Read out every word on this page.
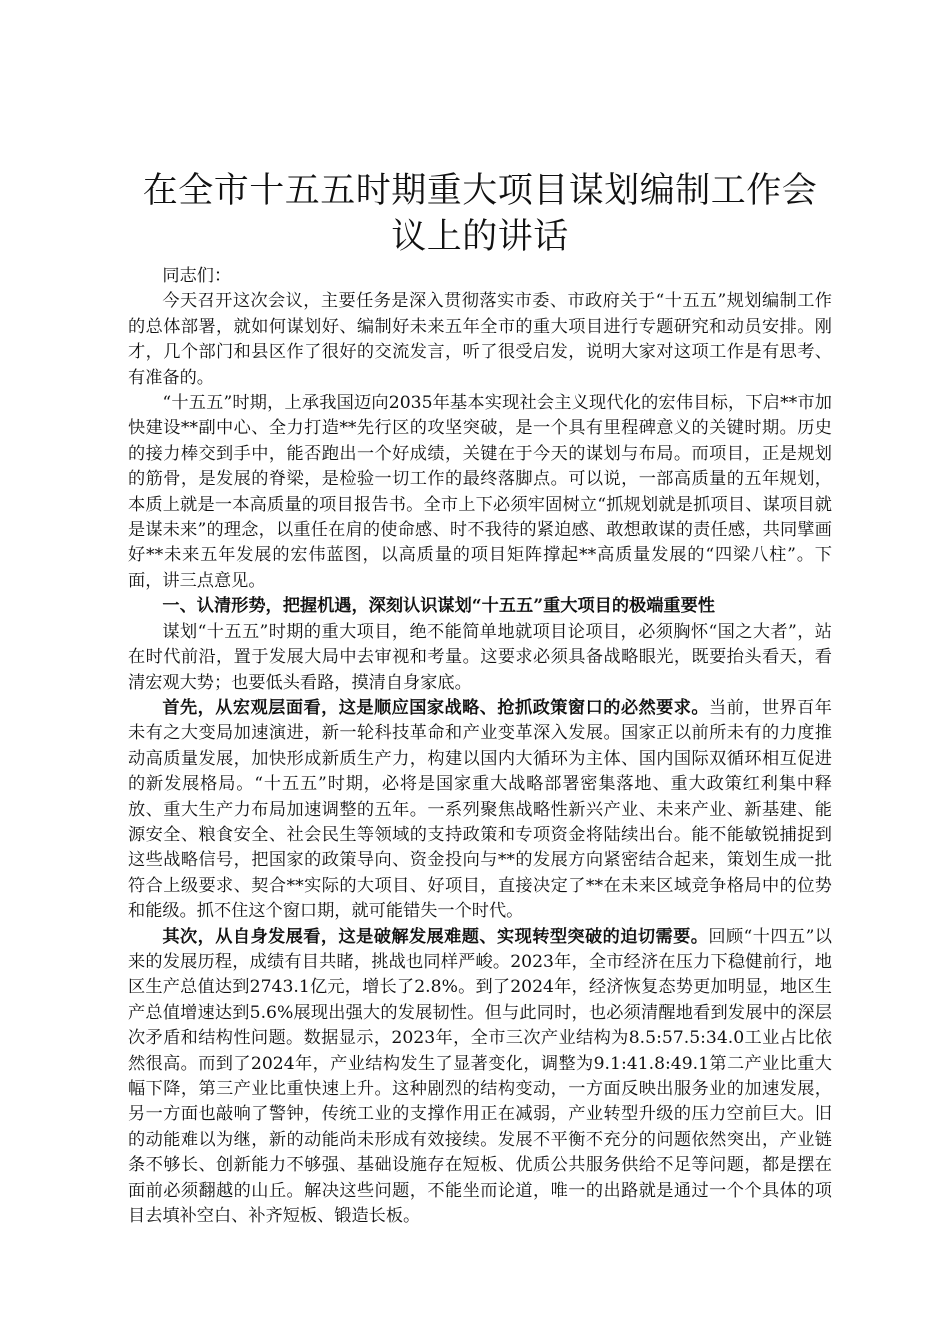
在全市十五五时期重大项目谋划编制工作会议上的讲话

同志们：

今天召开这次会议，主要任务是深入贯彻落实市委、市政府关于“十五五”规划编制工作的总体部署，就如何谋划好、编制好未来五年全市的重大项目进行专题研究和动员安排。刚才，几个部门和县区作了很好的交流发言，听了很受启发，说明大家对这项工作是有思考、有准备的。

“十五五”时期，上承我国迈向2035年基本实现社会主义现代化的宏伟目标，下启**市加快建设**副中心、全力打造**先行区的攻坚突破，是一个具有里程碑意义的关键时期。历史的接力棒交到手中，能否跑出一个好成绩，关键在于今天的谋划与布局。而项目，正是规划的筋骨，是发展的脊梁，是检验一切工作的最终落脚点。可以说，一部高质量的五年规划，本质上就是一本高质量的项目报告书。全市上下必须牢固树立“抓规划就是抓项目、谋项目就是谋未来”的理念，以重任在肩的使命感、时不我待的紧迫感、敢想敢谋的责任感，共同擘画好**未来五年发展的宏伟蓝图，以高质量的项目矩阵撑起**高质量发展的“四梁八柱”。下面，讲三点意见。

一、认清形势，把握机遇，深刻认识谋划“十五五”重大项目的极端重要性

谋划“十五五”时期的重大项目，绝不能简单地就项目论项目，必须胸怀“国之大者”，站在时代前沿，置于发展大局中去审视和考量。这要求必须具备战略眼光，既要抬头看天，看清宏观大势；也要低头看路，摸清自身家底。

首先，从宏观层面看，这是顺应国家战略、抢抓政策窗口的必然要求。当前，世界百年未有之大变局加速演进，新一轮科技革命和产业变革深入发展。国家正以前所未有的力度推动高质量发展，加快形成新质生产力，构建以国内大循环为主体、国内国际双循环相互促进的新发展格局。“十五五”时期，必将是国家重大战略部署密集落地、重大政策红利集中释放、重大生产力布局加速调整的五年。一系列聚焦战略性新兴产业、未来产业、新基建、能源安全、粮食安全、社会民生等领域的支持政策和专项资金将陆续出台。能不能敏锐捕捉到这些战略信号，把国家的政策导向、资金投向与**的发展方向紧密结合起来，策划生成一批符合上级要求、契合**实际的大项目、好项目，直接决定了**在未来区域竞争格局中的位势和能级。抓不住这个窗口期，就可能错失一个时代。

其次，从自身发展看，这是破解发展难题、实现转型突破的迫切需要。回顾“十四五”以来的发展历程，成绩有目共睹，挑战也同样严峻。2023年，全市经济在压力下稳健前行，地区生产总值达到2743.1亿元，增长了2.8%。到了2024年，经济恢复态势更加明显，地区生产总值增速达到5.6%展现出强大的发展韧性。但与此同时，也必须清醒地看到发展中的深层次矛盾和结构性问题。数据显示，2023年，全市三次产业结构为8.5:57.5:34.0工业占比依然很高。而到了2024年，产业结构发生了显著变化，调整为9.1:41.8:49.1第二产业比重大幅下降，第三产业比重快速上升。这种剧烈的结构变动，一方面反映出服务业的加速发展，另一方面也敲响了警钟，传统工业的支撑作用正在减弱，产业转型升级的压力空前巨大。旧的动能难以为继，新的动能尚未形成有效接续。发展不平衡不充分的问题依然突出，产业链条不够长、创新能力不够强、基础设施存在短板、优质公共服务供给不足等问题，都是摆在面前必须翻越的山丘。解决这些问题，不能坐而论道，唯一的出路就是通过一个个具体的项目去填补空白、补齐短板、锻造长板。
